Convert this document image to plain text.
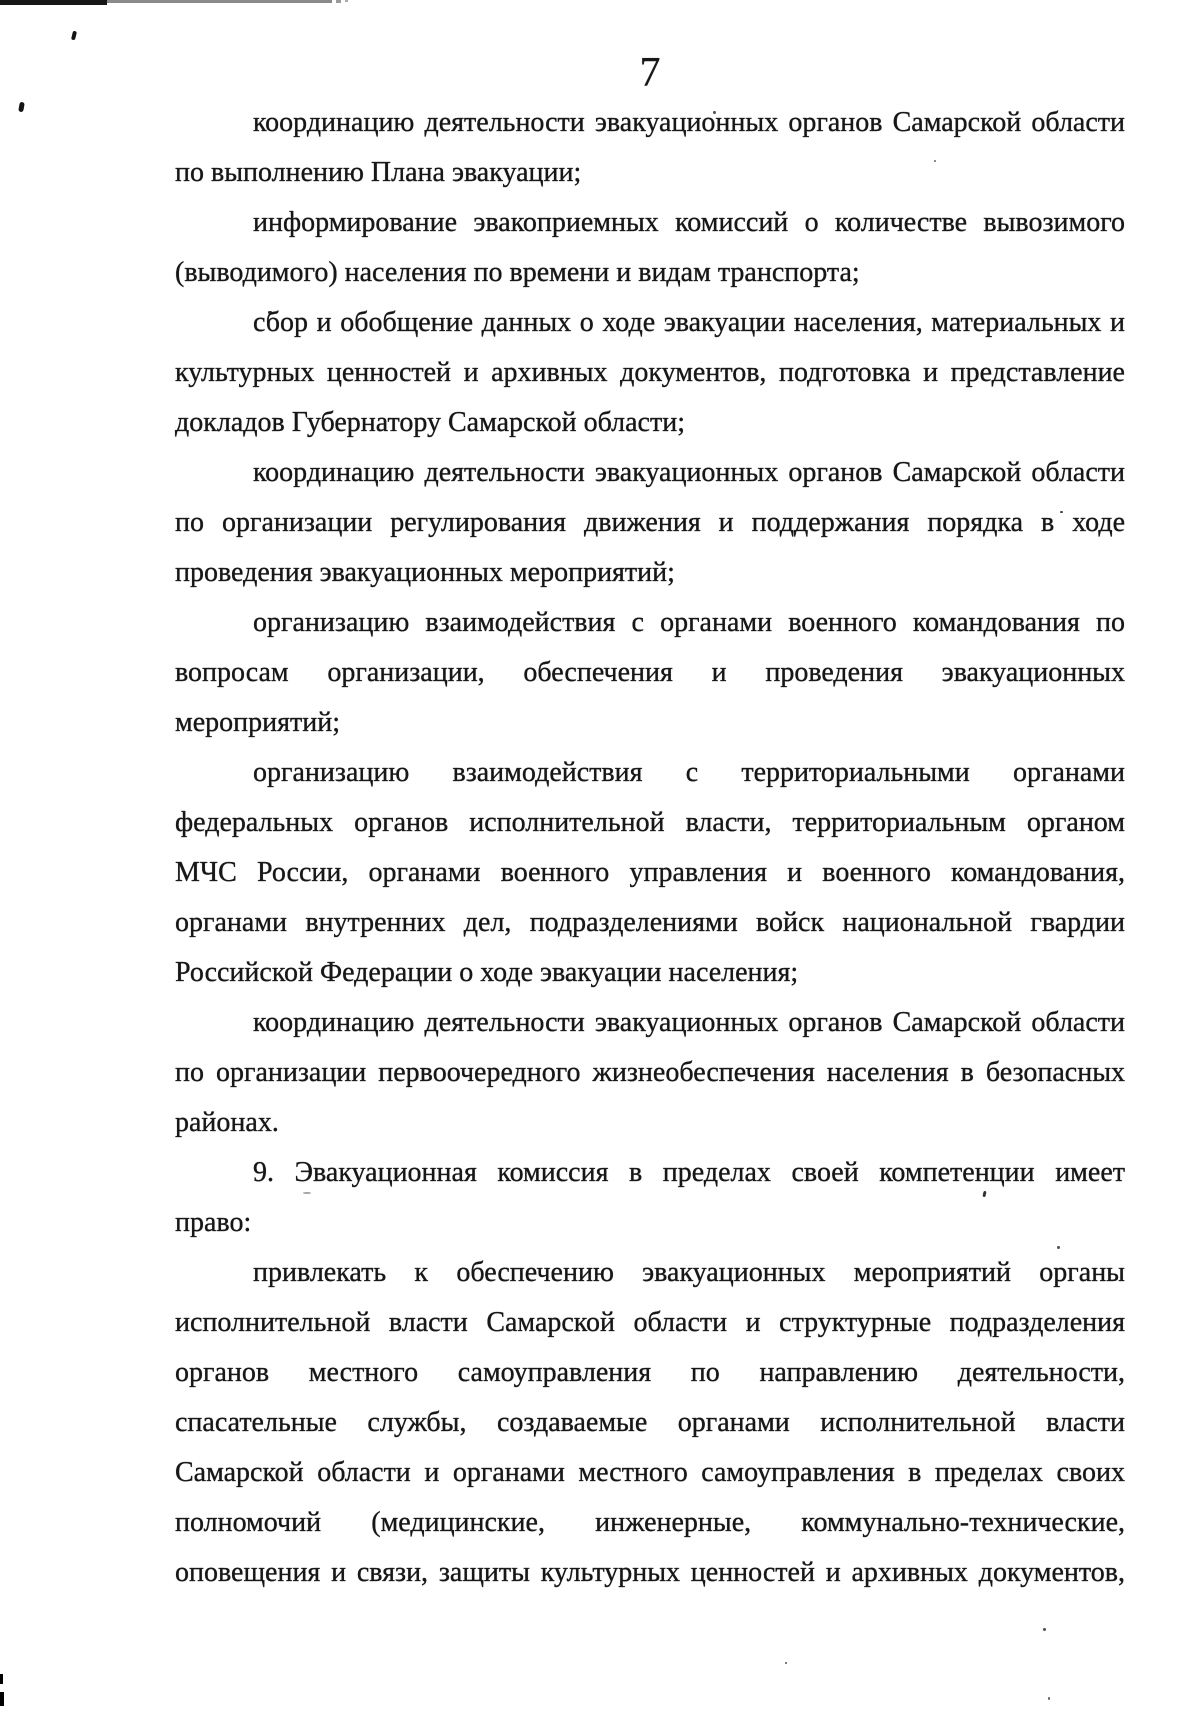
7
координацию деятельности эвакуационных органов Самарской области
по выполнению Плана эвакуации;
информирование эвакоприемных комиссий о количестве вывозимого
(выводимого) населения по времени и видам транспорта;
сбор и обобщение данных о ходе эвакуации населения, материальных и
культурных ценностей и архивных документов, подготовка и представление
докладов Губернатору Самарской области;
координацию деятельности эвакуационных органов Самарской области
по организации регулирования движения и поддержания порядка в ходе
проведения эвакуационных мероприятий;
организацию взаимодействия с органами военного командования по
вопросам организации, обеспечения и проведения эвакуационных
мероприятий;
организацию взаимодействия с территориальными органами
федеральных органов исполнительной власти, территориальным органом
МЧС России, органами военного управления и военного командования,
органами внутренних дел, подразделениями войск национальной гвардии
Российской Федерации о ходе эвакуации населения;
координацию деятельности эвакуационных органов Самарской области
по организации первоочередного жизнеобеспечения населения в безопасных
районах.
9. Эвакуационная комиссия в пределах своей компетенции имеет
право:
привлекать к обеспечению эвакуационных мероприятий органы
исполнительной власти Самарской области и структурные подразделения
органов местного самоуправления по направлению деятельности,
спасательные службы, создаваемые органами исполнительной власти
Самарской области и органами местного самоуправления в пределах своих
полномочий (медицинские, инженерные, коммунально-технические,
оповещения и связи, защиты культурных ценностей и архивных документов,
